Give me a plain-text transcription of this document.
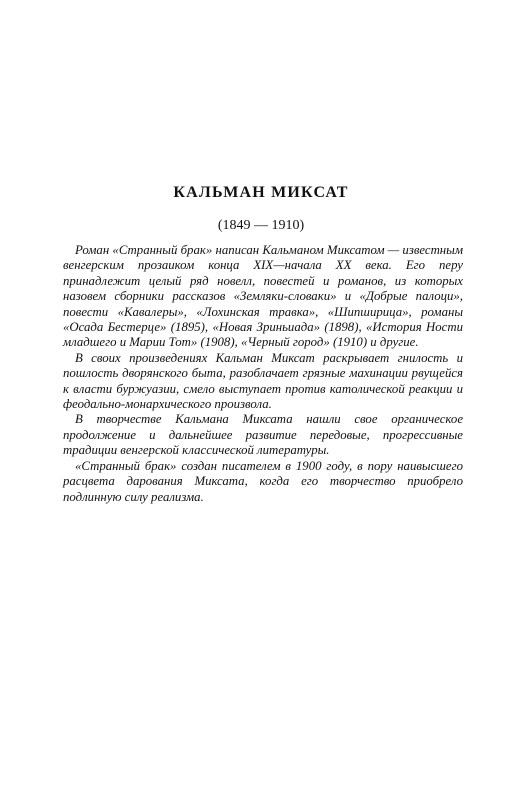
КАЛЬМАН МИКСАТ
(1849 — 1910)

Роман «Странный брак» написан Кальманом Миксатом — известным венгерским прозаиком конца XIX—начала XX века. Его перу принадлежит целый ряд новелл, повестей и романов, из которых назовем сборники рассказов «Земляки-словаки» и «Добрые палоци», повести «Кавалеры», «Лохинская травка», «Шипширица», романы «Осада Бестерце» (1895), «Новая Зриньиада» (1898), «История Ности младшего и Марии Тот» (1908), «Черный город» (1910) и другие.

В своих произведениях Кальман Миксат раскрывает гнилость и пошлость дворянского быта, разоблачает грязные махинации рвущейся к власти буржуазии, смело выступает против католической реакции и феодально-монархического произвола.

В творчестве Кальмана Миксата нашли свое органическое продолжение и дальнейшее развитие передовые, прогрессивные традиции венгерской классической литературы.

«Странный брак» создан писателем в 1900 году, в пору наивысшего расцвета дарования Миксата, когда его творчество приобрело подлинную силу реализма.
